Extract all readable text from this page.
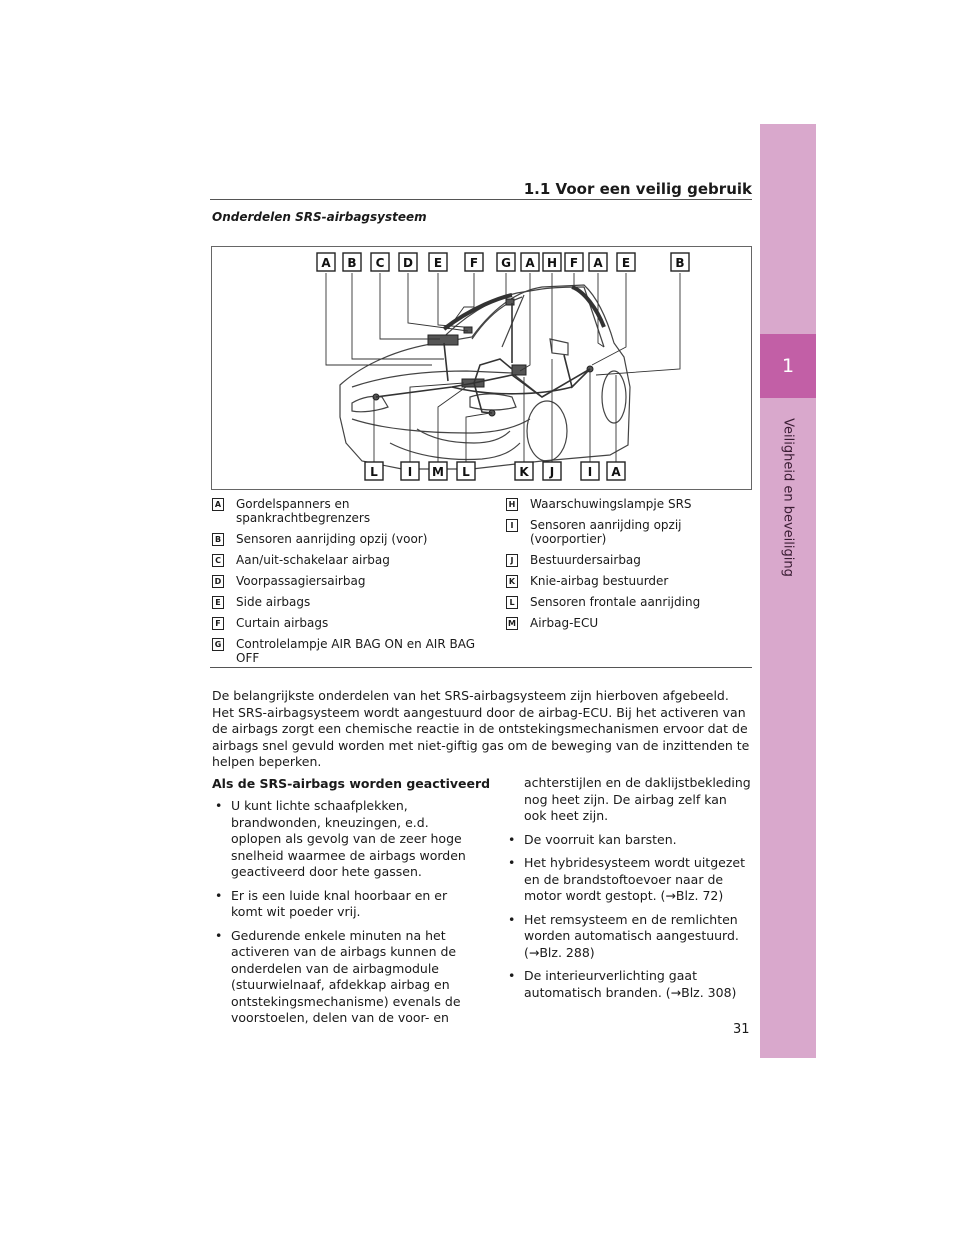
1
Veiligheid en beveiliging
1.1 Voor een veilig gebruik
Onderdelen SRS-airbagsysteem
A B C D E F G A H F A E	B
L I M L	K J	I A
A Gordelspanners en spankrachtbegrenzers
B Sensoren aanrijding opzij (voor)
C Aan/uit-schakelaar airbag
D Voorpassagiersairbag
E Side airbags
F Curtain airbags
G Controlelampje AIR BAG ON en AIR BAG OFF
H Waarschuwingslampje SRS
I	Sensoren aanrijding opzij (voorportier)
J	Bestuurdersairbag
K Knie-airbag bestuurder
L Sensoren frontale aanrijding
M Airbag-ECU
De belangrijkste onderdelen van het SRS-airbagsysteem zijn hierboven afgebeeld. Het SRS-airbagsysteem wordt aangestuurd door de airbag-ECU. Bij het activeren van de airbags zorgt een chemische reactie in de ontstekingsmechanismen ervoor dat de airbags snel gevuld worden met niet-giftig gas om de beweging van de inzittenden te helpen beperken.
Als de SRS-airbags worden geactiveerd
• U kunt lichte schaafplekken, brandwonden, kneuzingen, e.d. oplopen als gevolg van de zeer hoge snelheid waarmee de airbags worden geactiveerd door hete gassen.
• Er is een luide knal hoorbaar en er komt wit poeder vrij.
• Gedurende enkele minuten na het activeren van de airbags kunnen de onderdelen van de airbagmodule (stuurwielnaaf, afdekkap airbag en ontstekingsmechanisme) evenals de voorstoelen, delen van de voor- en
achterstijlen en de daklijstbekleding nog heet zijn. De airbag zelf kan ook heet zijn.
• De voorruit kan barsten.
• Het hybridesysteem wordt uitgezet en de brandstoftoevoer naar de motor wordt gestopt. (→Blz. 72)
• Het remsysteem en de remlichten worden automatisch aangestuurd. (→Blz. 288)
• De interieurverlichting gaat automatisch branden. (→Blz. 308)
31
